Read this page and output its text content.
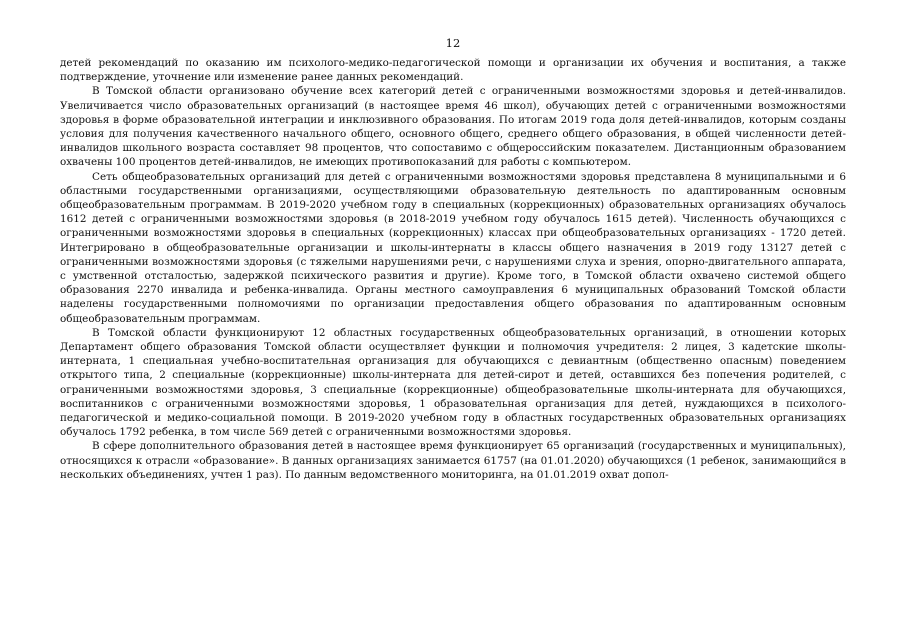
12

детей рекомендаций по оказанию им психолого-медико-педагогической помощи и организации их обучения и воспитания, а также подтверждение, уточнение или изменение ранее данных рекомендаций.

В Томской области организовано обучение всех категорий детей с ограниченными возможностями здоровья и детей-инвалидов. Увеличивается число образовательных организаций (в настоящее время 46 школ), обучающих детей с ограниченными возможностями здоровья в форме образовательной интеграции и инклюзивного образования. По итогам 2019 года доля детей-инвалидов, которым созданы условия для получения качественного начального общего, основного общего, среднего общего образования, в общей численности детей-инвалидов школьного возраста составляет 98 процентов, что сопоставимо с общероссийским показателем. Дистанционным образованием охвачены 100 процентов детей-инвалидов, не имеющих противопоказаний для работы с компьютером.

Сеть общеобразовательных организаций для детей с ограниченными возможностями здоровья представлена 8 муниципальными и 6 областными государственными организациями, осуществляющими образовательную деятельность по адаптированным основным общеобразовательным программам. В 2019-2020 учебном году в специальных (коррекционных) образовательных организациях обучалось 1612 детей с ограниченными возможностями здоровья (в 2018-2019 учебном году обучалось 1615 детей). Численность обучающихся с ограниченными возможностями здоровья в специальных (коррекционных) классах при общеобразовательных организациях - 1720 детей. Интегрировано в общеобразовательные организации и школы-интернаты в классы общего назначения в 2019 году 13127 детей с ограниченными возможностями здоровья (с тяжелыми нарушениями речи, с нарушениями слуха и зрения, опорно-двигательного аппарата, с умственной отсталостью, задержкой психического развития и другие). Кроме того, в Томской области охвачено системой общего образования 2270 инвалида и ребенка-инвалида. Органы местного самоуправления 6 муниципальных образований Томской области наделены государственными полномочиями по организации предоставления общего образования по адаптированным основным общеобразовательным программам.

В Томской области функционируют 12 областных государственных общеобразовательных организаций, в отношении которых Департамент общего образования Томской области осуществляет функции и полномочия учредителя: 2 лицея, 3 кадетские школы-интерната, 1 специальная учебно-воспитательная организация для обучающихся с девиантным (общественно опасным) поведением открытого типа, 2 специальные (коррекционные) школы-интерната для детей-сирот и детей, оставшихся без попечения родителей, с ограниченными возможностями здоровья, 3 специальные (коррекционные) общеобразовательные школы-интерната для обучающихся, воспитанников с ограниченными возможностями здоровья, 1 образовательная организация для детей, нуждающихся в психолого-педагогической и медико-социальной помощи. В 2019-2020 учебном году в областных государственных образовательных организациях обучалось 1792 ребенка, в том числе 569 детей с ограниченными возможностями здоровья.

В сфере дополнительного образования детей в настоящее время функционирует 65 организаций (государственных и муниципальных), относящихся к отрасли «образование». В данных организациях занимается 61757 (на 01.01.2020) обучающихся (1 ребенок, занимающийся в нескольких объединениях, учтен 1 раз). По данным ведомственного мониторинга, на 01.01.2019 охват допол-
